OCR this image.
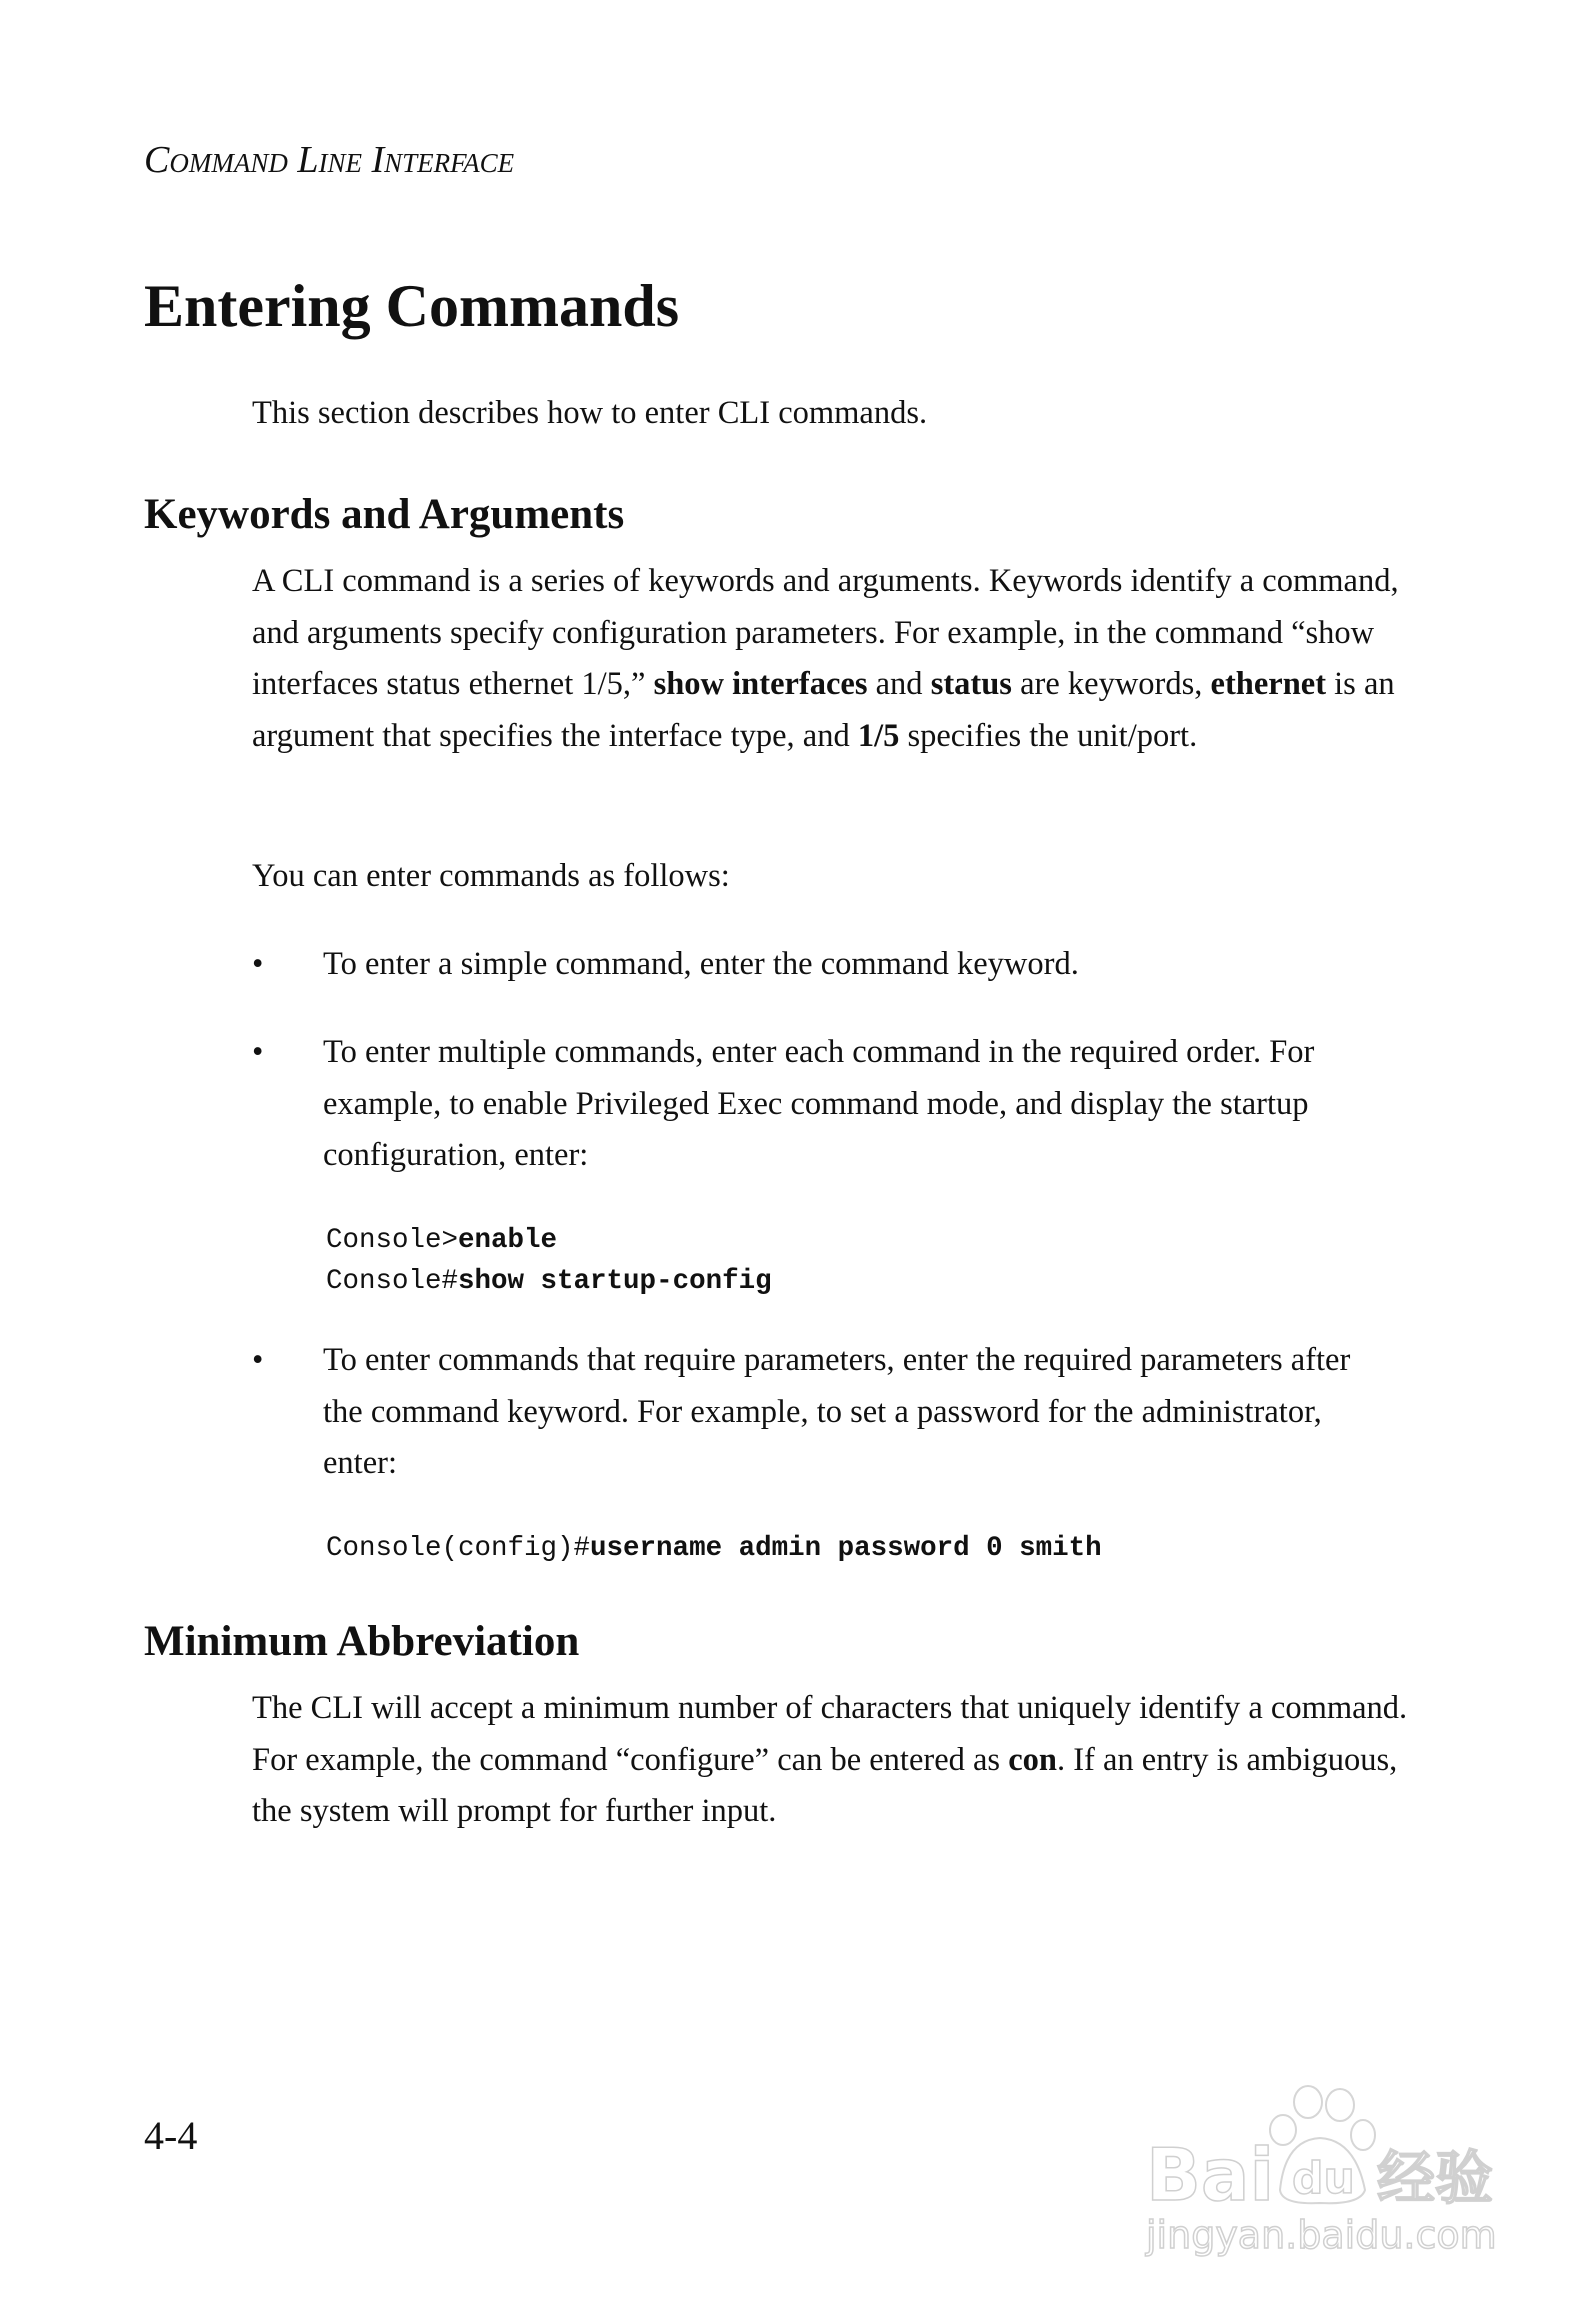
Command Line Interface
Entering Commands

This section describes how to enter CLI commands.

Keywords and Arguments

A CLI command is a series of keywords and arguments. Keywords identify a command, and arguments specify configuration parameters. For example, in the command “show interfaces status ethernet 1/5,” show interfaces and status are keywords, ethernet is an argument that specifies the interface type, and 1/5 specifies the unit/port.

You can enter commands as follows:

• To enter a simple command, enter the command keyword.
• To enter multiple commands, enter each command in the required order. For example, to enable Privileged Exec command mode, and display the startup configuration, enter:
Console>enable
Console#show startup-config
• To enter commands that require parameters, enter the required parameters after the command keyword. For example, to set a password for the administrator, enter:
Console(config)#username admin password 0 smith
Minimum Abbreviation

The CLI will accept a minimum number of characters that uniquely identify a command. For example, the command “configure” can be entered as con. If an entry is ambiguous, the system will prompt for further input.

4-4	Bai du 经验
jingyan.baidu.com
